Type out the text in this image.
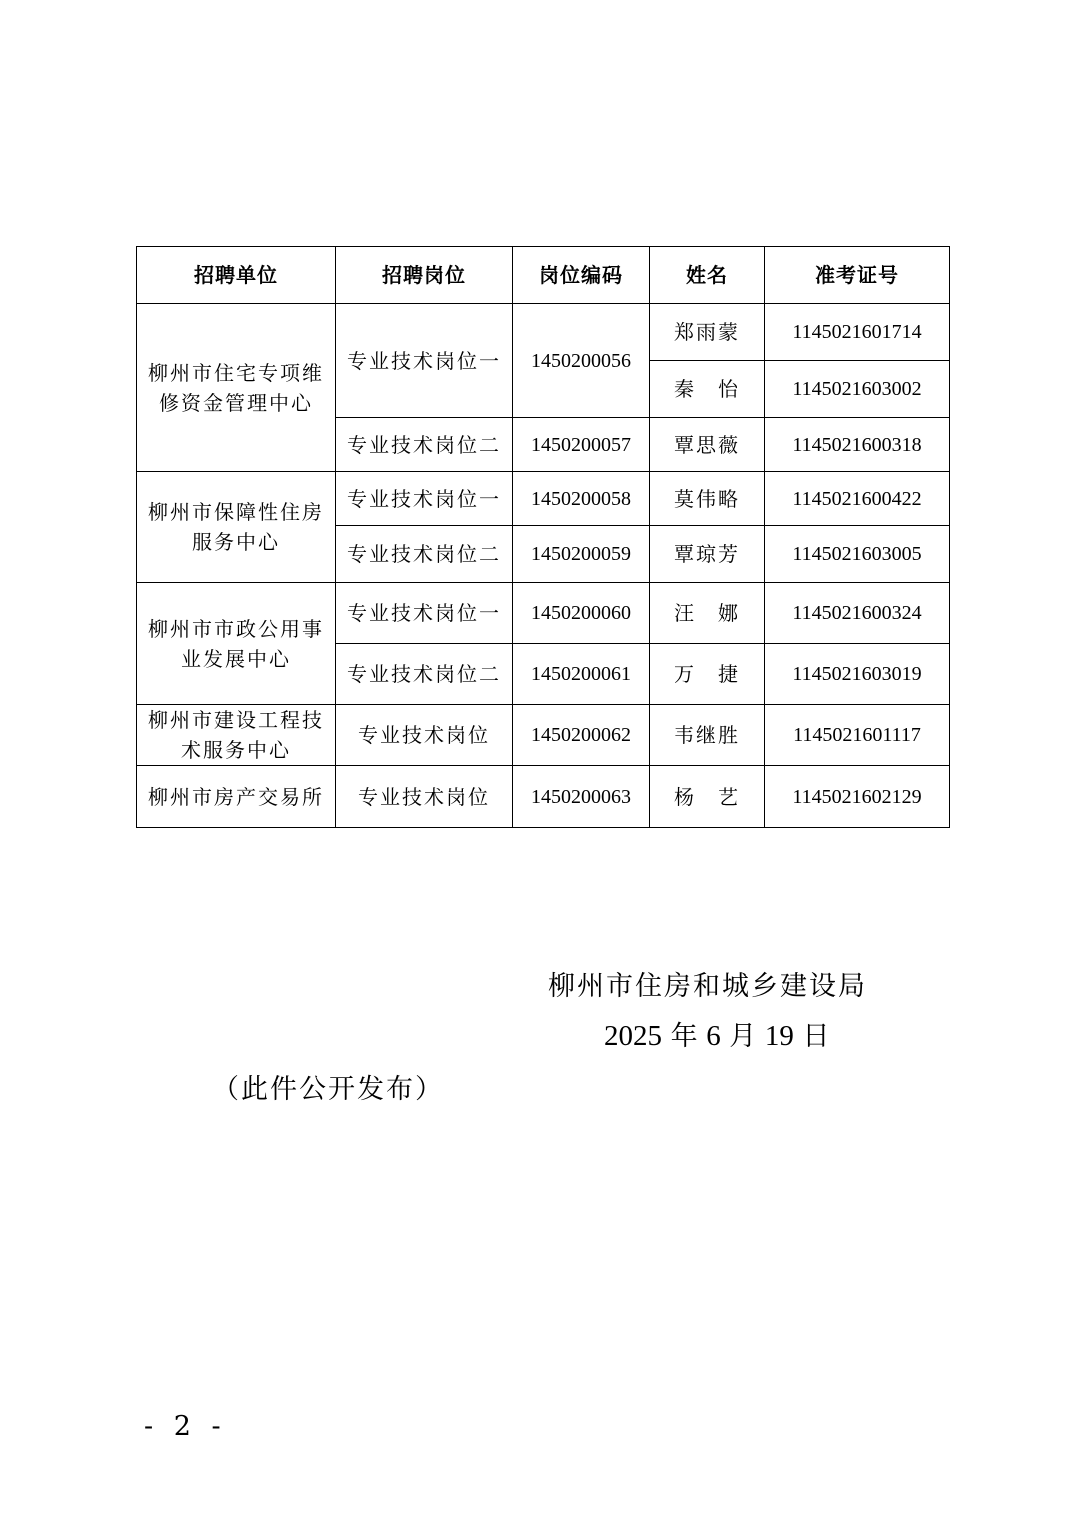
招聘单位	招聘岗位	岗位编码	姓名	准考证号
柳州市住宅专项维修资金管理中心	专业技术岗位一	1450200056	郑雨蒙	1145021601714
			秦　怡	1145021603002
	专业技术岗位二	1450200057	覃思薇	1145021600318
柳州市保障性住房服务中心	专业技术岗位一	1450200058	莫伟略	1145021600422
	专业技术岗位二	1450200059	覃琼芳	1145021603005
柳州市市政公用事业发展中心	专业技术岗位一	1450200060	汪　娜	1145021600324
	专业技术岗位二	1450200061	万　捷	1145021603019
柳州市建设工程技术服务中心	专业技术岗位	1450200062	韦继胜	1145021601117
柳州市房产交易所	专业技术岗位	1450200063	杨　艺	1145021602129
柳州市住房和城乡建设局
2025 年 6 月 19 日
（此件公开发布）
- 2 -
